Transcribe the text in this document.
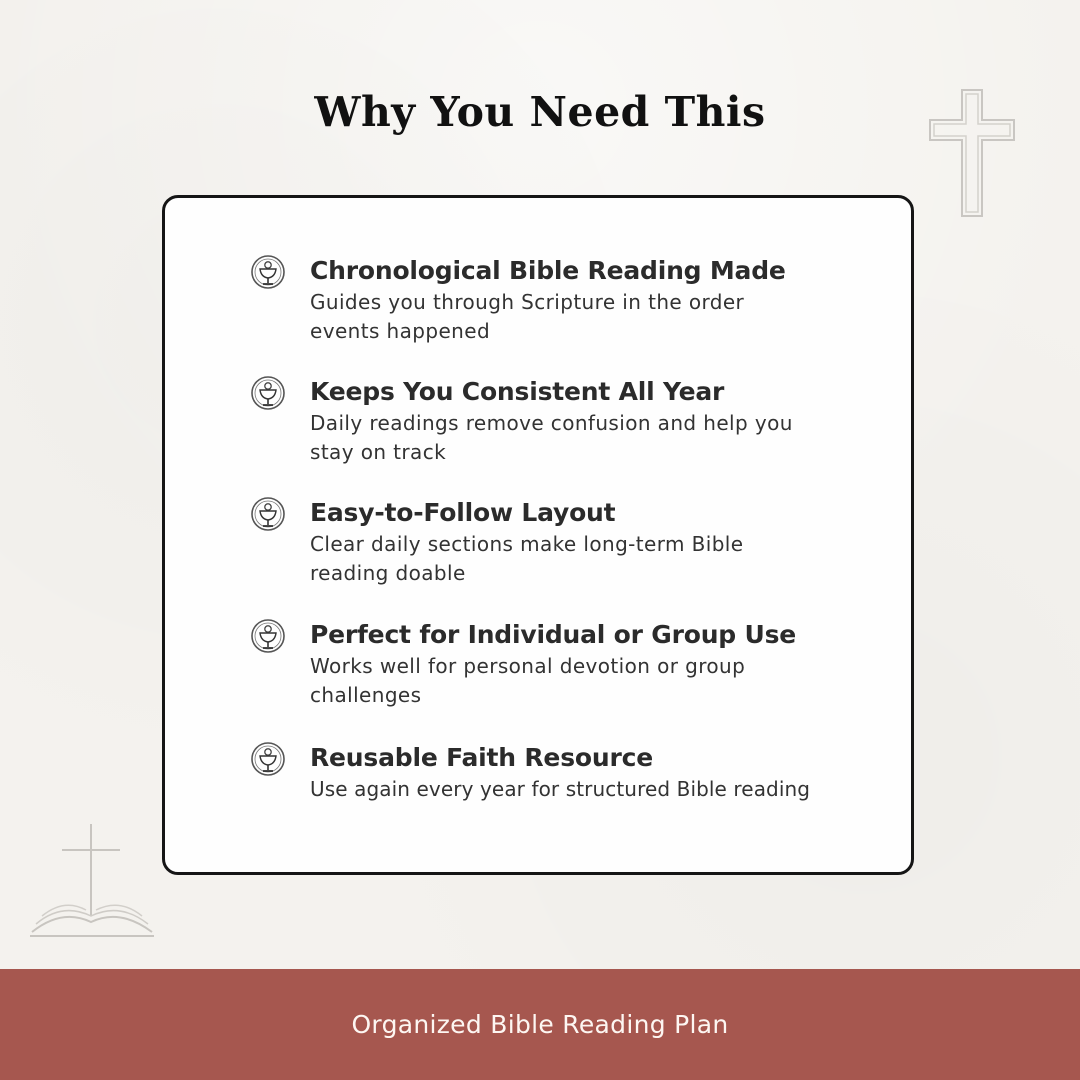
Why You Need This
Chronological Bible Reading Made
Guides you through Scripture in the order events happened
Keeps You Consistent All Year
Daily readings remove confusion and help you stay on track
Easy-to-Follow Layout
Clear daily sections make long-term Bible reading doable
Perfect for Individual or Group Use
Works well for personal devotion or group challenges
Reusable Faith Resource
Use again every year for structured Bible reading
Organized Bible Reading Plan
